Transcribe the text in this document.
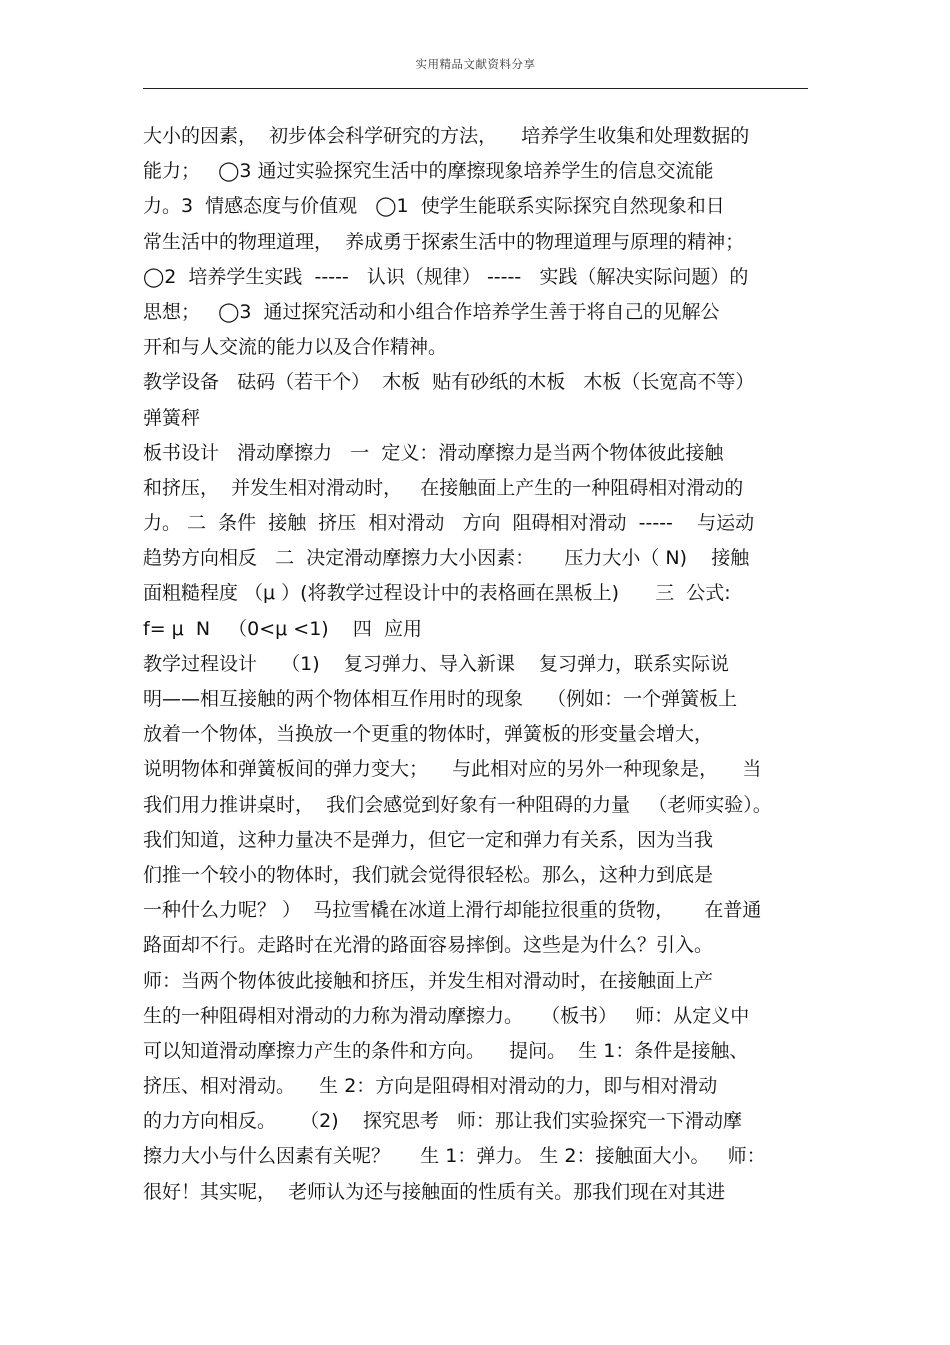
实用精品文献资料分享
大小的因素，  初步体会科学研究的方法，    培养学生收集和处理数据的
能力；   ◯3 通过实验探究生活中的摩擦现象培养学生的信息交流能
力。3  情感态度与价值观   ◯1  使学生能联系实际探究自然现象和日
常生活中的物理道理，  养成勇于探索生活中的物理道理与原理的精神；
◯2  培养学生实践  -----   认识（规律） -----   实践（解决实际问题）的
思想；   ◯3  通过探究活动和小组合作培养学生善于将自己的见解公
开和与人交流的能力以及合作精神。
教学设备   砝码（若干个）  木板  贴有砂纸的木板   木板（长宽高不等）
弹簧秤
板书设计   滑动摩擦力   一  定义：滑动摩擦力是当两个物体彼此接触
和挤压，  并发生相对滑动时，   在接触面上产生的一种阻碍相对滑动的
力。 二  条件  接触  挤压  相对滑动   方向  阻碍相对滑动  -----    与运动
趋势方向相反   二  决定滑动摩擦力大小因素：     压力大小（ N)    接触
面粗糙程度 （μ ）(将教学过程设计中的表格画在黑板上)      三  公式:
f= μ  N   （0<μ <1)    四  应用
教学过程设计    （1)    复习弹力、导入新课    复习弹力，联系实际说
明——相互接触的两个物体相互作用时的现象    （例如：一个弹簧板上
放着一个物体，当换放一个更重的物体时，弹簧板的形变量会增大，
说明物体和弹簧板间的弹力变大；    与此相对应的另外一种现象是，    当
我们用力推讲桌时，  我们会感觉到好象有一种阻碍的力量   （老师实验）。
我们知道，这种力量决不是弹力，但它一定和弹力有关系，因为当我
们推一个较小的物体时，我们就会觉得很轻松。那么，这种力到底是
一种什么力呢？ ）  马拉雪橇在冰道上滑行却能拉很重的货物，     在普通
路面却不行。走路时在光滑的路面容易摔倒。这些是为什么？引入。
师：当两个物体彼此接触和挤压，并发生相对滑动时，在接触面上产
生的一种阻碍相对滑动的力称为滑动摩擦力。   （板书）   师：从定义中
可以知道滑动摩擦力产生的条件和方向。    提问。  生 1：条件是接触、
挤压、相对滑动。    生 2：方向是阻碍相对滑动的力，即与相对滑动
的力方向相反。    （2)    探究思考   师：那让我们实验探究一下滑动摩
擦力大小与什么因素有关呢？     生 1：弹力。 生 2：接触面大小。   师：
很好！其实呢，  老师认为还与接触面的性质有关。那我们现在对其进
